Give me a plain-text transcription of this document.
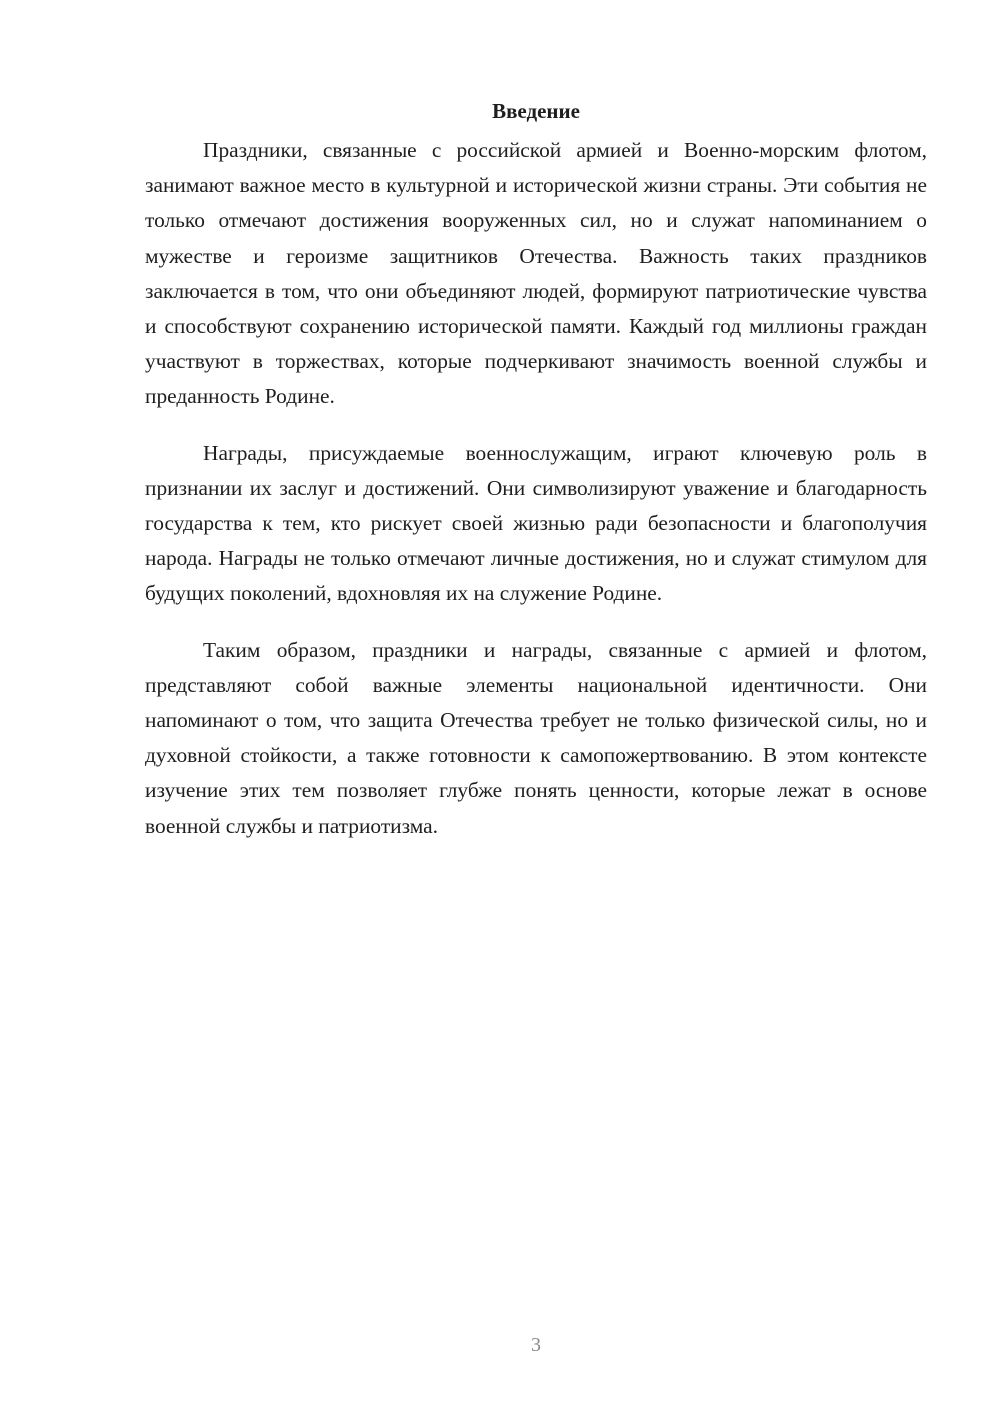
Введение

Праздники, связанные с российской армией и Военно-морским флотом, занимают важное место в культурной и исторической жизни страны. Эти события не только отмечают достижения вооруженных сил, но и служат напоминанием о мужестве и героизме защитников Отечества. Важность таких праздников заключается в том, что они объединяют людей, формируют патриотические чувства и способствуют сохранению исторической памяти. Каждый год миллионы граждан участвуют в торжествах, которые подчеркивают значимость военной службы и преданность Родине.

Награды, присуждаемые военнослужащим, играют ключевую роль в признании их заслуг и достижений. Они символизируют уважение и благодарность государства к тем, кто рискует своей жизнью ради безопасности и благополучия народа. Награды не только отмечают личные достижения, но и служат стимулом для будущих поколений, вдохновляя их на служение Родине.

Таким образом, праздники и награды, связанные с армией и флотом, представляют собой важные элементы национальной идентичности. Они напоминают о том, что защита Отечества требует не только физической силы, но и духовной стойкости, а также готовности к самопожертвованию. В этом контексте изучение этих тем позволяет глубже понять ценности, которые лежат в основе военной службы и патриотизма.

3
